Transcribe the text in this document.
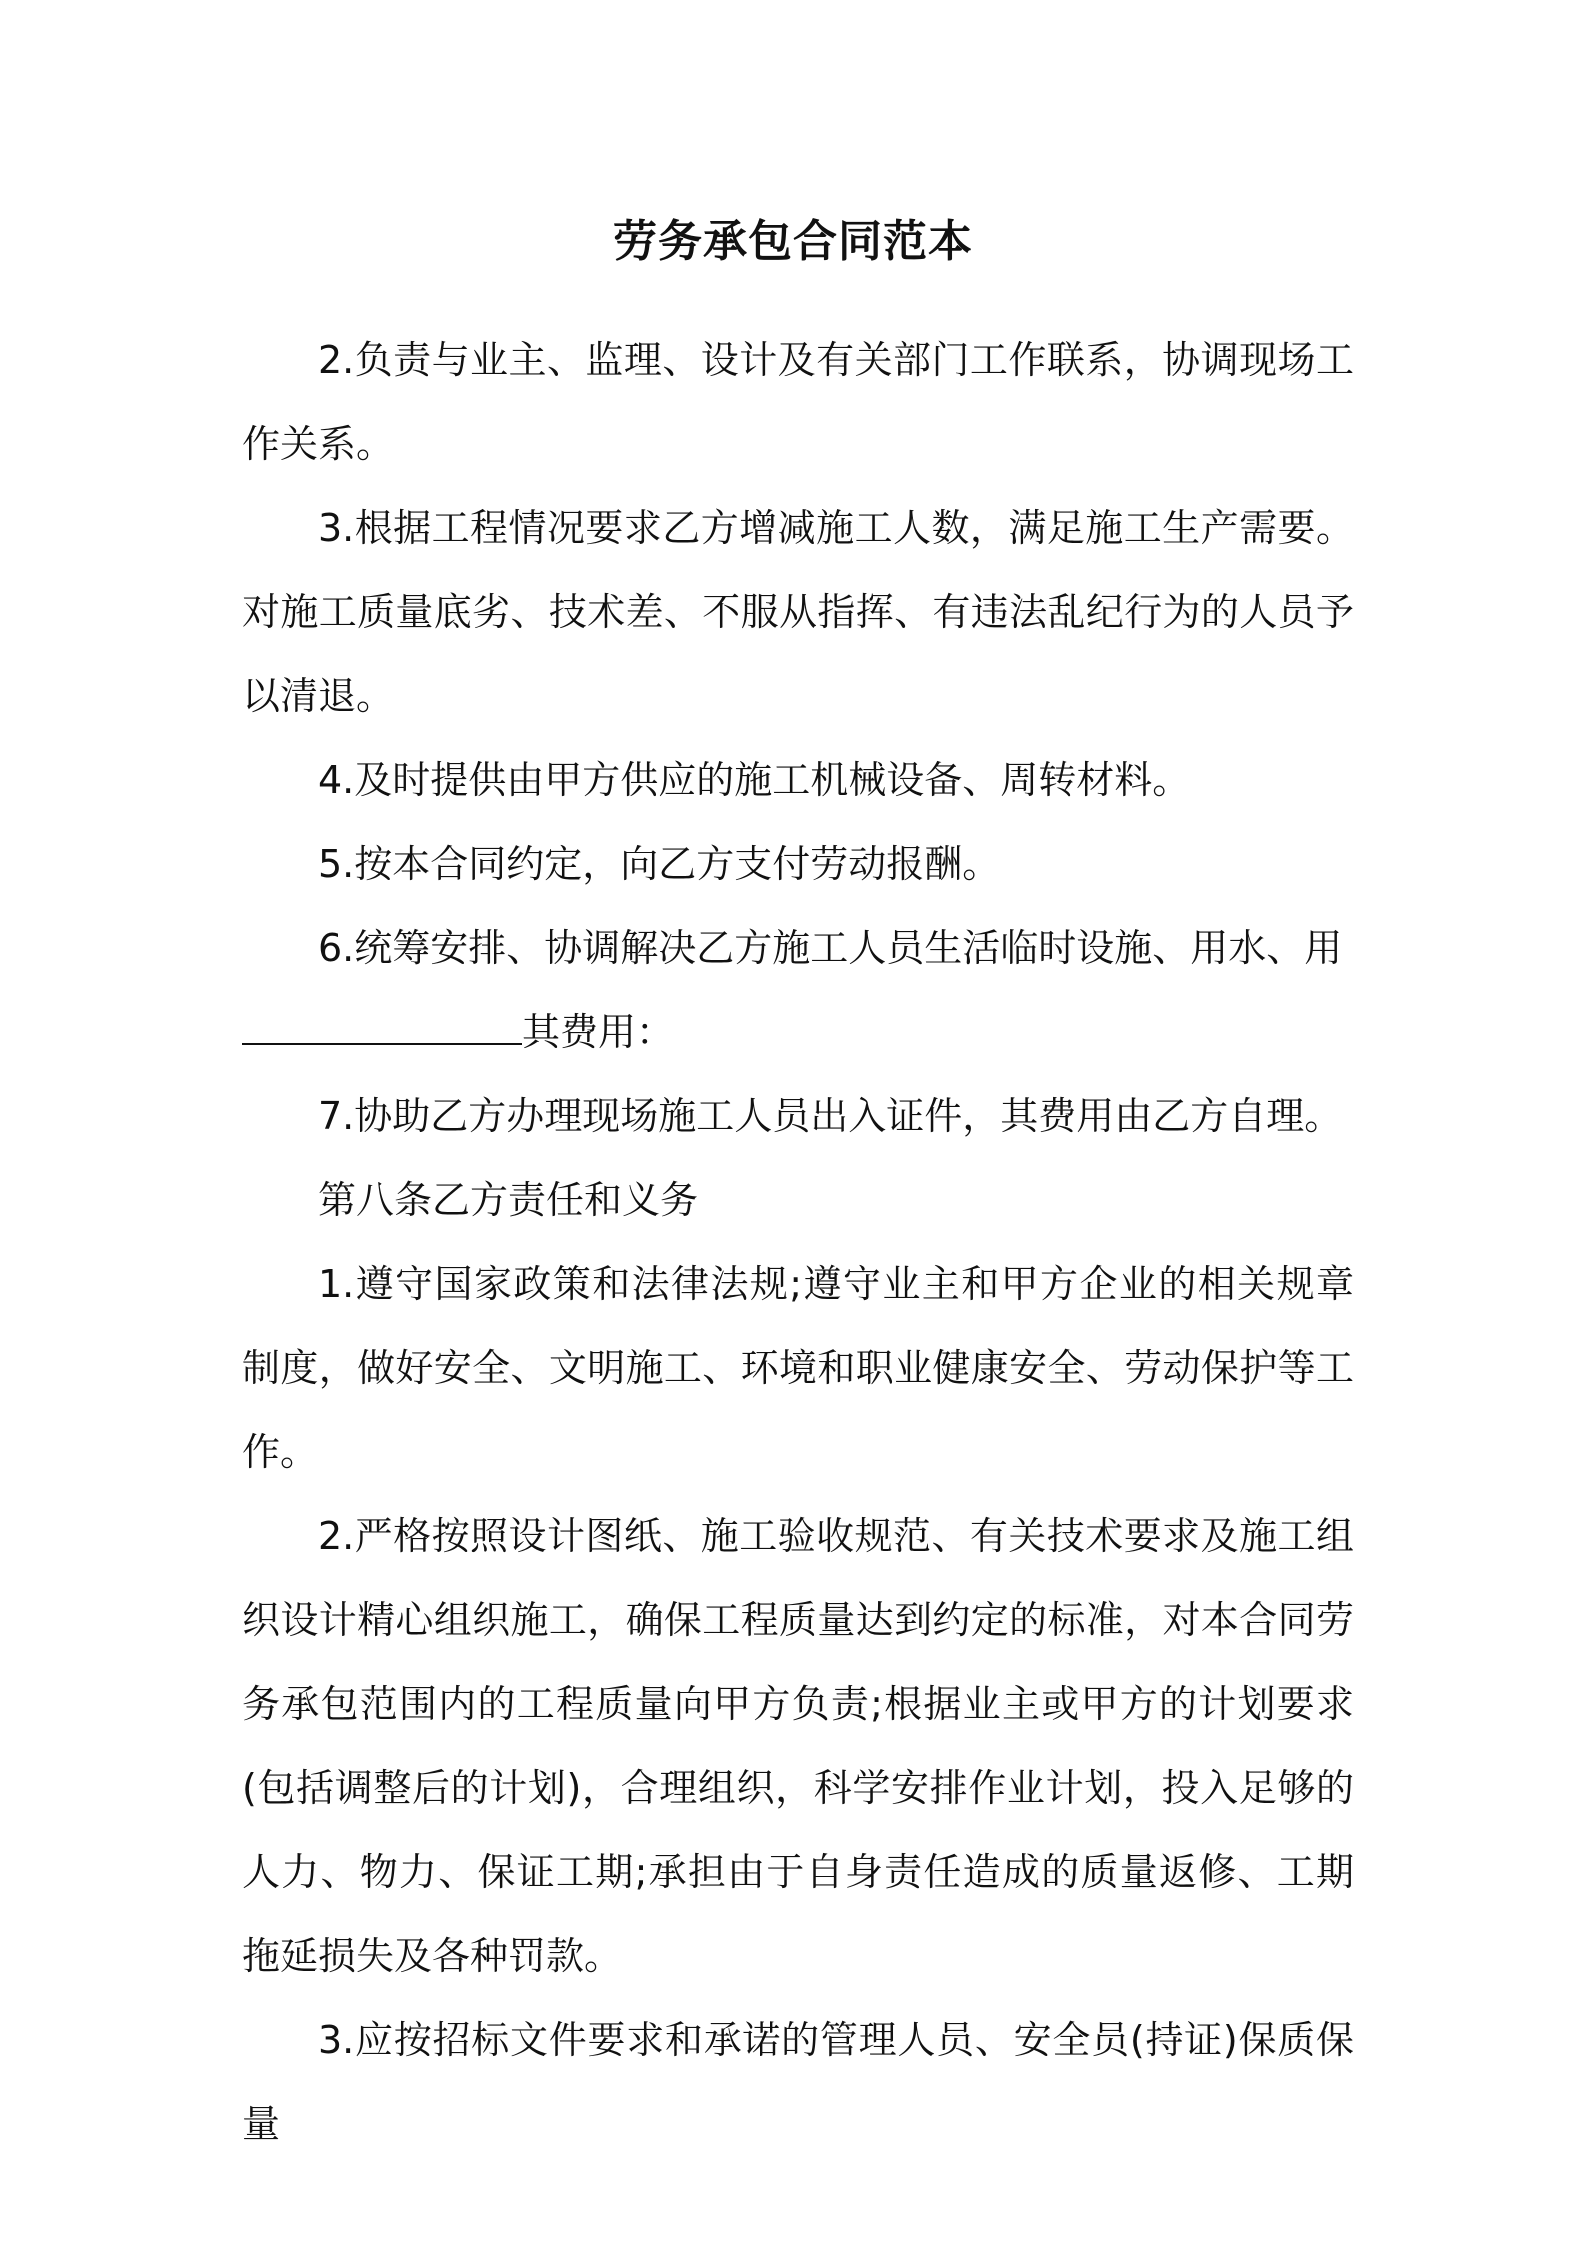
劳务承包合同范本

2.负责与业主、监理、设计及有关部门工作联系，协调现场工作关系。

3.根据工程情况要求乙方增减施工人数，满足施工生产需要。对施工质量底劣、技术差、不服从指挥、有违法乱纪行为的人员予以清退。

4.及时提供由甲方供应的施工机械设备、周转材料。

5.按本合同约定，向乙方支付劳动报酬。

6.统筹安排、协调解决乙方施工人员生活临时设施、用水、用

其费用：

7.协助乙方办理现场施工人员出入证件，其费用由乙方自理。

第八条乙方责任和义务

1.遵守国家政策和法律法规;遵守业主和甲方企业的相关规章制度，做好安全、文明施工、环境和职业健康安全、劳动保护等工作。

2.严格按照设计图纸、施工验收规范、有关技术要求及施工组织设计精心组织施工，确保工程质量达到约定的标准，对本合同劳务承包范围内的工程质量向甲方负责;根据业主或甲方的计划要求(包括调整后的计划)，合理组织，科学安排作业计划，投入足够的人力、物力、保证工期;承担由于自身责任造成的质量返修、工期拖延损失及各种罚款。

3.应按招标文件要求和承诺的管理人员、安全员(持证)保质保量
